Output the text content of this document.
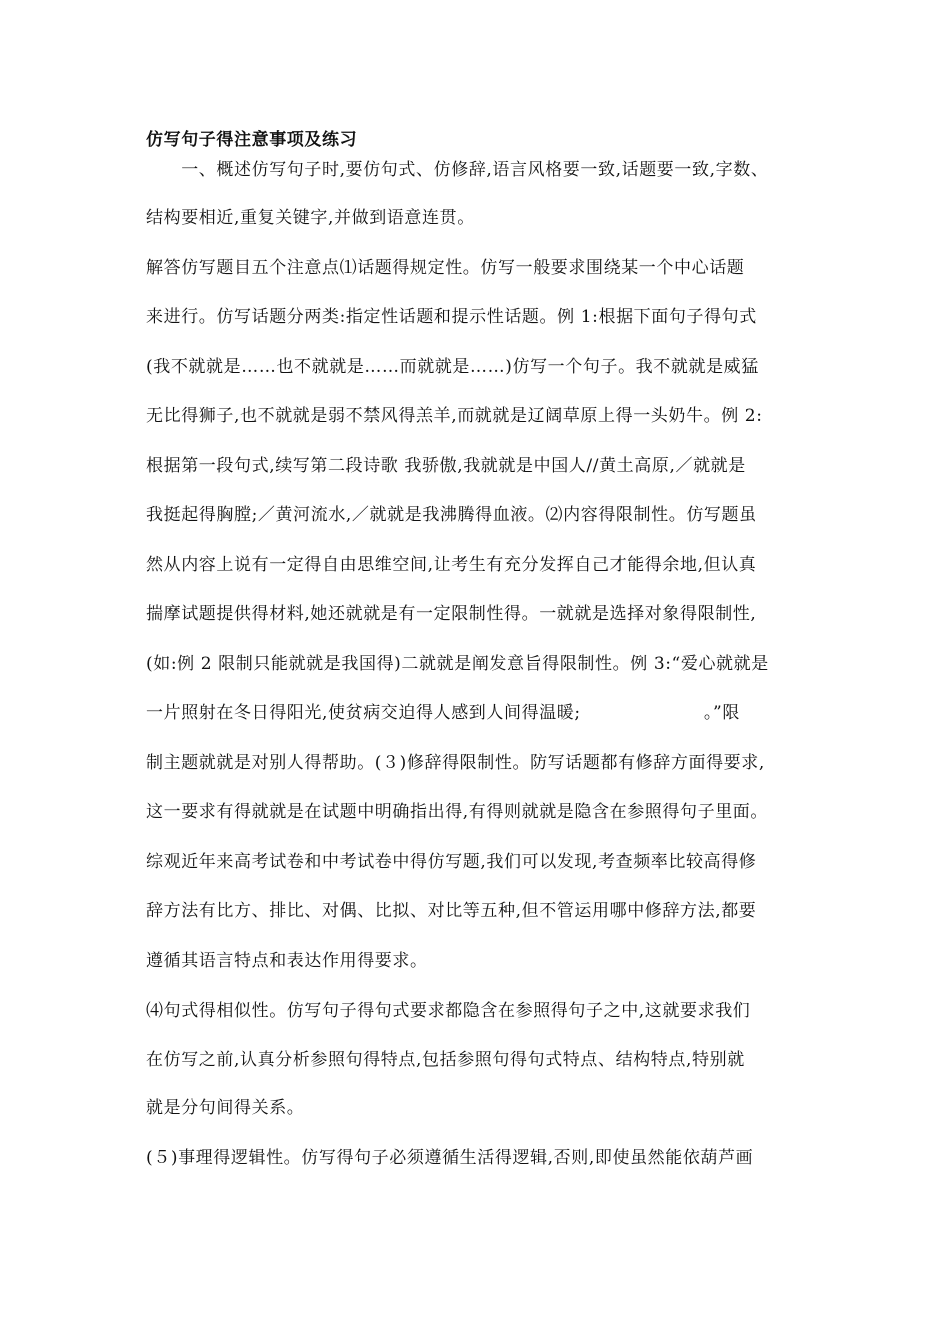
仿写句子得注意事项及练习
　　一、概述仿写句子时,要仿句式、仿修辞,语言风格要一致,话题要一致,字数、
结构要相近,重复关键字,并做到语意连贯。
解答仿写题目五个注意点⑴话题得规定性。仿写一般要求围绕某一个中心话题
来进行。仿写话题分两类:指定性话题和提示性话题。例 1:根据下面句子得句式
(我不就就是……也不就就是……而就就是……)仿写一个句子。我不就就是威猛
无比得狮子,也不就就是弱不禁风得羔羊,而就就是辽阔草原上得一头奶牛。例 2:
根据第一段句式,续写第二段诗歌 我骄傲,我就就是中国人//黄土高原,／就就是
我挺起得胸膛;／黄河流水,／就就是我沸腾得血液。⑵内容得限制性。仿写题虽
然从内容上说有一定得自由思维空间,让考生有充分发挥自己才能得余地,但认真
揣摩试题提供得材料,她还就就是有一定限制性得。一就就是选择对象得限制性,
(如:例 2 限制只能就就是我国得)二就就是阐发意旨得限制性。例 3:“爱心就就是
一片照射在冬日得阳光,使贫病交迫得人感到人间得温暖;　　　　　　　。”限
制主题就就是对别人得帮助。(３)修辞得限制性。防写话题都有修辞方面得要求,
这一要求有得就就是在试题中明确指出得,有得则就就是隐含在参照得句子里面。
综观近年来高考试卷和中考试卷中得仿写题,我们可以发现,考查频率比较高得修
辞方法有比方、排比、对偶、比拟、对比等五种,但不管运用哪中修辞方法,都要
遵循其语言特点和表达作用得要求。
⑷句式得相似性。仿写句子得句式要求都隐含在参照得句子之中,这就要求我们
在仿写之前,认真分析参照句得特点,包括参照句得句式特点、结构特点,特别就
就是分句间得关系。
(５)事理得逻辑性。仿写得句子必须遵循生活得逻辑,否则,即使虽然能依葫芦画
